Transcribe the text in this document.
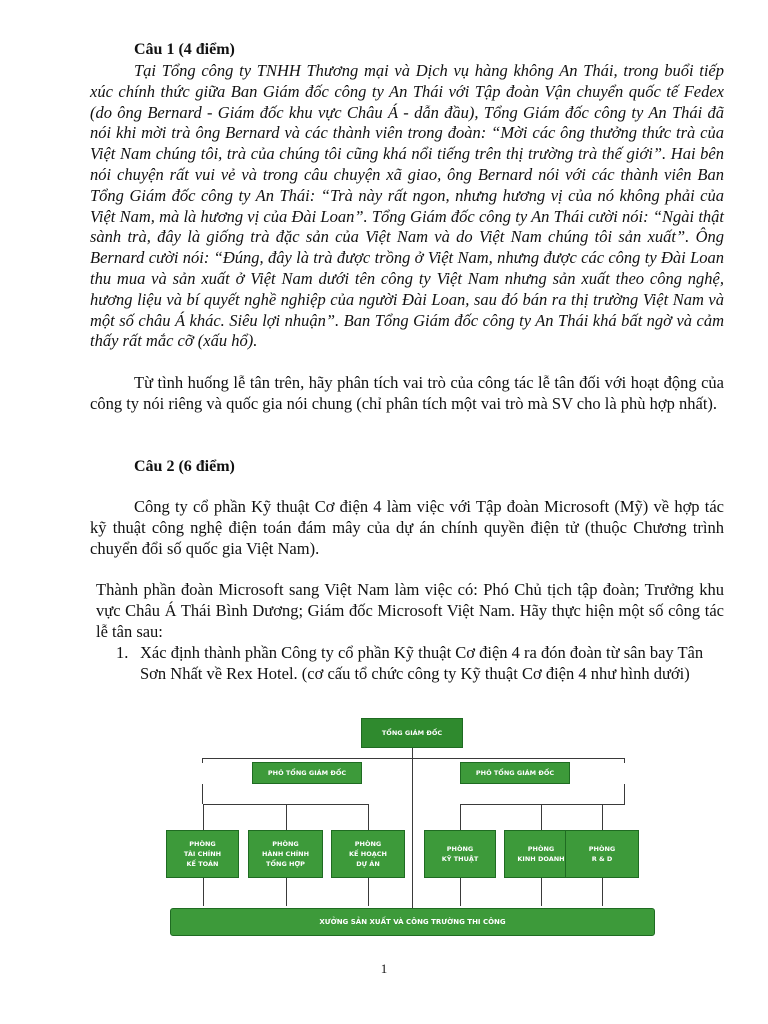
Câu 1 (4 điểm)

Tại Tổng công ty TNHH Thương mại và Dịch vụ hàng không An Thái, trong buổi tiếp xúc chính thức giữa Ban Giám đốc công ty An Thái với Tập đoàn Vận chuyển quốc tế Fedex (do ông Bernard - Giám đốc khu vực Châu Á - dẫn đầu), Tổng Giám đốc công ty An Thái đã nói khi mời trà ông Bernard và các thành viên trong đoàn: “Mời các ông thưởng thức trà của Việt Nam chúng tôi, trà của chúng tôi cũng khá nổi tiếng trên thị trường trà thế giới”. Hai bên nói chuyện rất vui vẻ và trong câu chuyện xã giao, ông Bernard nói với các thành viên Ban Tổng Giám đốc công ty An Thái: “Trà này rất ngon, nhưng hương vị của nó không phải của Việt Nam, mà là hương vị của Đài Loan”. Tổng Giám đốc công ty An Thái cười nói: “Ngài thật sành trà, đây là giống trà đặc sản của Việt Nam và do Việt Nam chúng tôi sản xuất”. Ông Bernard cười nói: “Đúng, đây là trà được trồng ở Việt Nam, nhưng được các công ty Đài Loan thu mua và sản xuất ở Việt Nam dưới tên công ty Việt Nam nhưng sản xuất theo công nghệ, hương liệu và bí quyết nghề nghiệp của người Đài Loan, sau đó bán ra thị trường Việt Nam và một số châu Á khác. Siêu lợi nhuận”. Ban Tổng Giám đốc công ty An Thái khá bất ngờ và cảm thấy rất mắc cỡ (xấu hổ).

Từ tình huống lễ tân trên, hãy phân tích vai trò của công tác lễ tân đối với hoạt động của công ty nói riêng và quốc gia nói chung (chỉ phân tích một vai trò mà SV cho là phù hợp nhất).

Câu 2 (6 điểm)

Công ty cổ phần Kỹ thuật Cơ điện 4 làm việc với Tập đoàn Microsoft (Mỹ) về hợp tác kỹ thuật công nghệ điện toán đám mây của dự án chính quyền điện tử (thuộc Chương trình chuyển đổi số quốc gia Việt Nam).

Thành phần đoàn Microsoft sang Việt Nam làm việc có: Phó Chủ tịch tập đoàn; Trưởng khu vực Châu Á Thái Bình Dương; Giám đốc Microsoft Việt Nam. Hãy thực hiện một số công tác lễ tân sau:

1. Xác định thành phần Công ty cổ phần Kỹ thuật Cơ điện 4 ra đón đoàn từ sân bay Tân Sơn Nhất về Rex Hotel. (cơ cấu tổ chức công ty Kỹ thuật Cơ điện 4 như hình dưới)
TỔNG GIÁM ĐỐC
PHÓ TỔNG GIÁM ĐỐC	PHÓ TỔNG GIÁM ĐỐC
PHÒNG
TÀI CHÍNH
KẾ TOÁN
PHÒNG
HÀNH CHÍNH
TỔNG HỢP
PHÒNG
KẾ HOẠCH
DỰ ÁN
PHÒNG
KỸ THUẬT
PHÒNG
KINH DOANH
PHÒNG
R & D
XƯỞNG SẢN XUẤT VÀ CÔNG TRƯỜNG THI CÔNG
1
